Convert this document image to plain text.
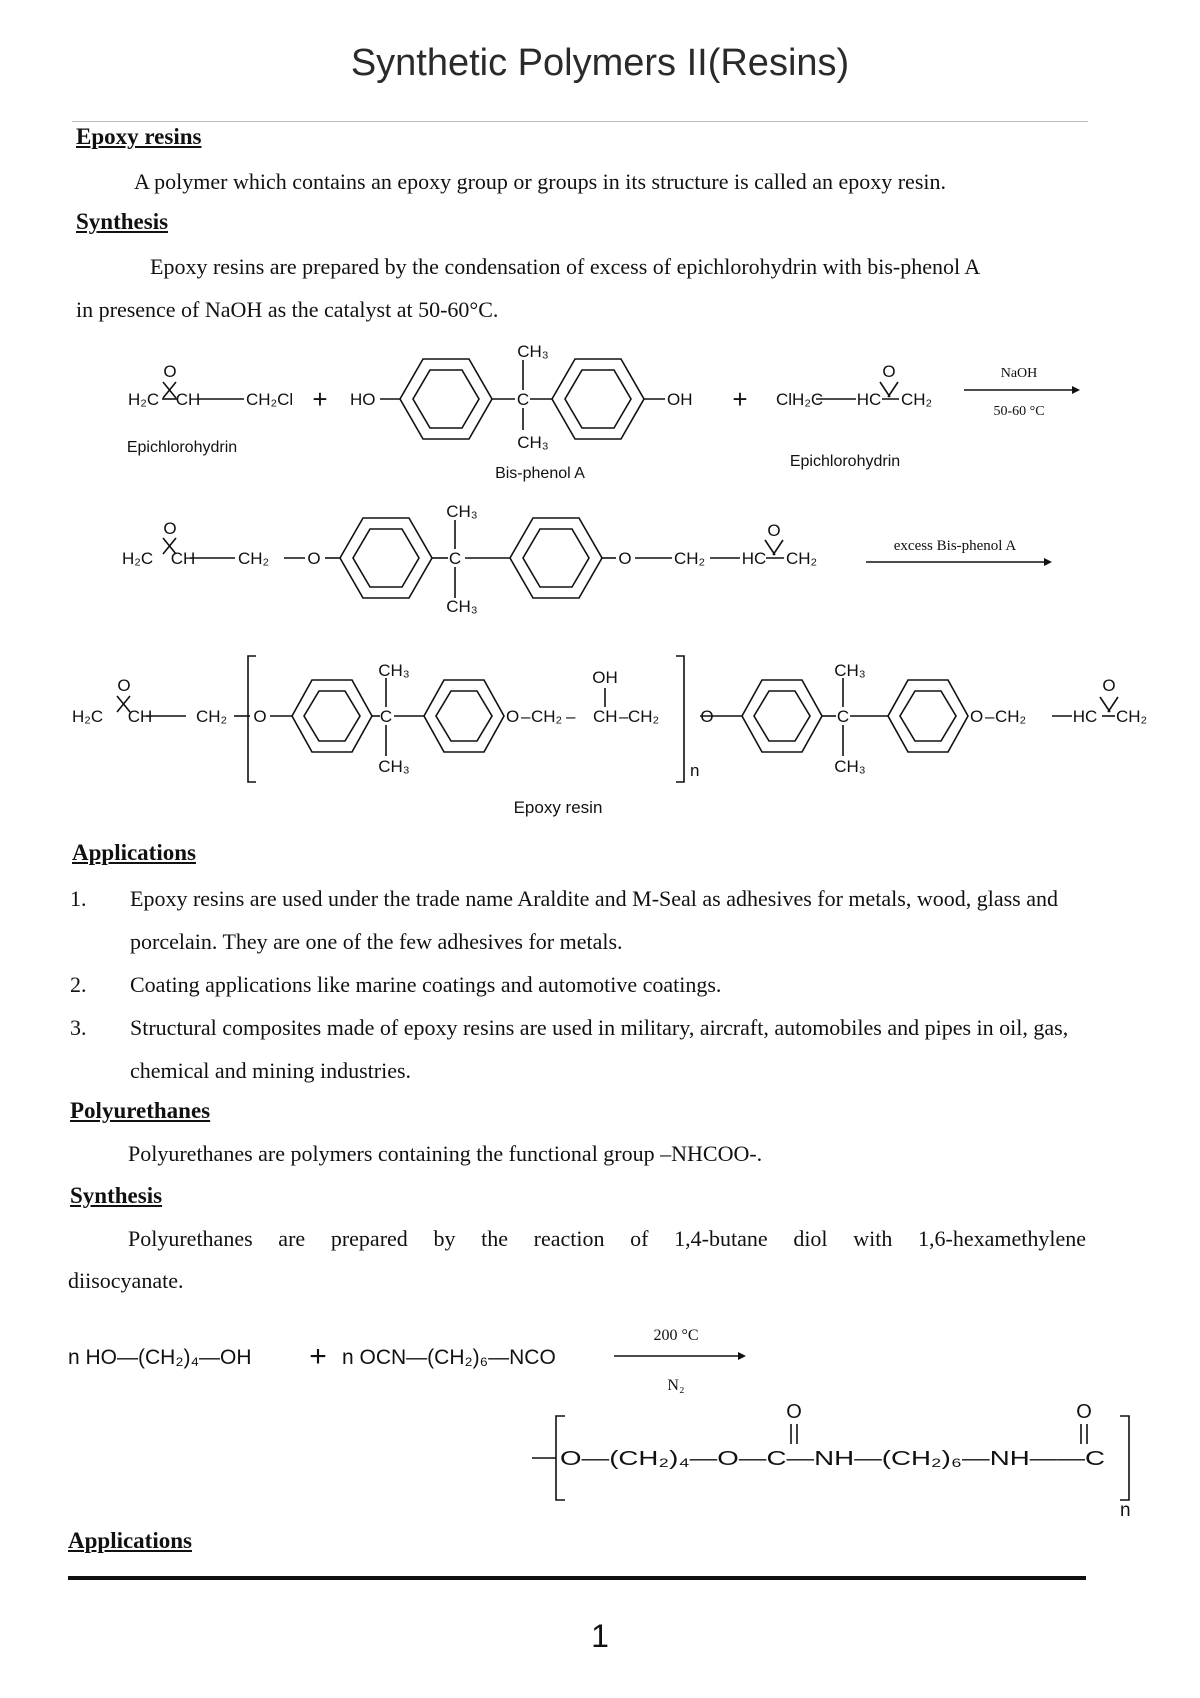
Synthetic Polymers II(Resins)
Epoxy resins
A polymer which contains an epoxy group or groups in its structure is called an epoxy resin.
Synthesis
Epoxy resins are prepared by the condensation of excess of epichlorohydrin with bis-phenol A
in presence of NaOH as the catalyst at 50-60°C.
O
H₂C CH	CH₂Cl + HO	C
CH₃
CH₃
OH + ClH₂C HC CH₂
O
Epichlorohydrin
Bis-phenol A
Epichlorohydrin
NaOH
50-60 °C
O
H₂C CH	CH₂ O	C
CH₃
CH₃
O CH₂ HC CH₂
O
excess Bis-phenol A
O
H₂C CH	CH₂ O	C
CH₃
CH₃
O – CH₂ – CH – CH₂
OH
n
O	C
CH₃
CH₃
O – CH₂	HC CH₂
O
Epoxy resin
Applications
1. Epoxy resins are used under the trade name Araldite and M-Seal as adhesives for metals, wood, glass and porcelain. They are one of the few adhesives for metals.
2. Coating applications like marine coatings and automotive coatings.
3. Structural composites made of epoxy resins are used in military, aircraft, automobiles and pipes in oil, gas, chemical and mining industries.
Polyurethanes
Polyurethanes are polymers containing the functional group –NHCOO-.
Synthesis
Polyurethanes are prepared by the reaction of 1,4-butane diol with 1,6-hexamethylene
diisocyanate.
n HO—(CH₂)₄—OH + n OCN—(CH₂)₆—NCO
200 °C
N₂
O	O
O—(CH₂)₄—O—C—NH—(CH₂)₆—NH——C
n
Applications
1
